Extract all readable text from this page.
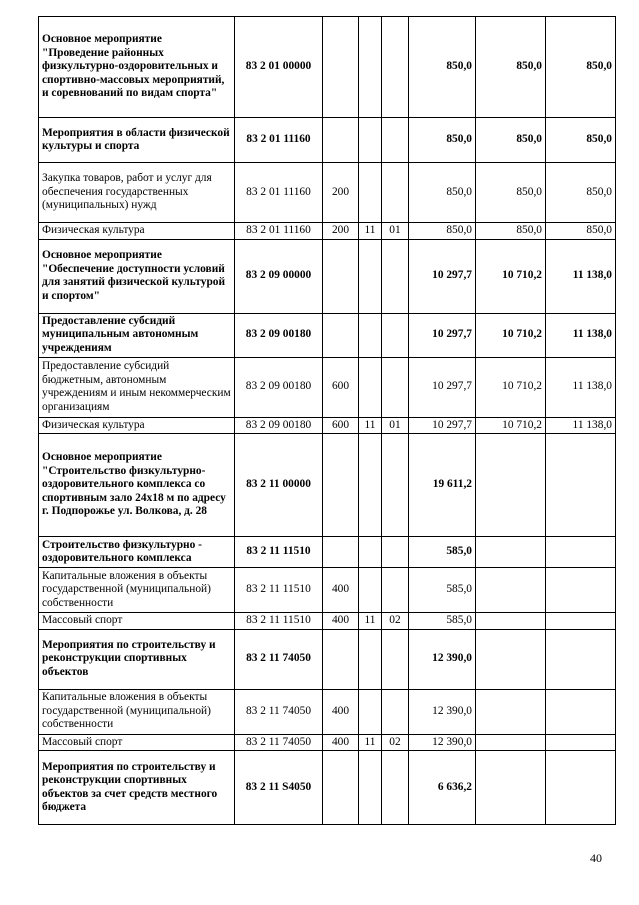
Основное мероприятие "Проведение районных физкультурно-оздоровительных и спортивно-массовых мероприятий, и соревнований по видам спорта"	83 2 01 00000				850,0	850,0	850,0
Мероприятия в области физической культуры и спорта	83 2 01 11160				850,0	850,0	850,0
Закупка товаров, работ и услуг для обеспечения государственных (муниципальных) нужд	83 2 01 11160	200			850,0	850,0	850,0
Физическая культура	83 2 01 11160	200	11	01	850,0	850,0	850,0
Основное мероприятие "Обеспечение доступности условий для занятий физической культурой и спортом"	83 2 09 00000				10 297,7	10 710,2	11 138,0
Предоставление субсидий муниципальным автономным учреждениям	83 2 09 00180				10 297,7	10 710,2	11 138,0
Предоставление субсидий бюджетным, автономным учреждениям и иным некоммерческим организациям	83 2 09 00180	600			10 297,7	10 710,2	11 138,0
Физическая культура	83 2 09 00180	600	11	01	10 297,7	10 710,2	11 138,0
Основное мероприятие "Строительство физкультурно-оздоровительного комплекса со спортивным зало 24х18 м по адресу г. Подпорожье ул. Волкова, д. 28	83 2 11 00000				19 611,2		
Строительство физкультурно - оздоровительного комплекса	83 2 11 11510				585,0		
Капитальные вложения в объекты государственной (муниципальной) собственности	83 2 11 11510	400			585,0		
Массовый спорт	83 2 11 11510	400	11	02	585,0		
Мероприятия по строительству и реконструкции спортивных объектов	83 2 11 74050				12 390,0		
Капитальные вложения в объекты государственной (муниципальной) собственности	83 2 11 74050	400			12 390,0		
Массовый спорт	83 2 11 74050	400	11	02	12 390,0		
Мероприятия по строительству и реконструкции спортивных объектов за счет средств местного бюджета	83 2 11 S4050				6 636,2		
40
